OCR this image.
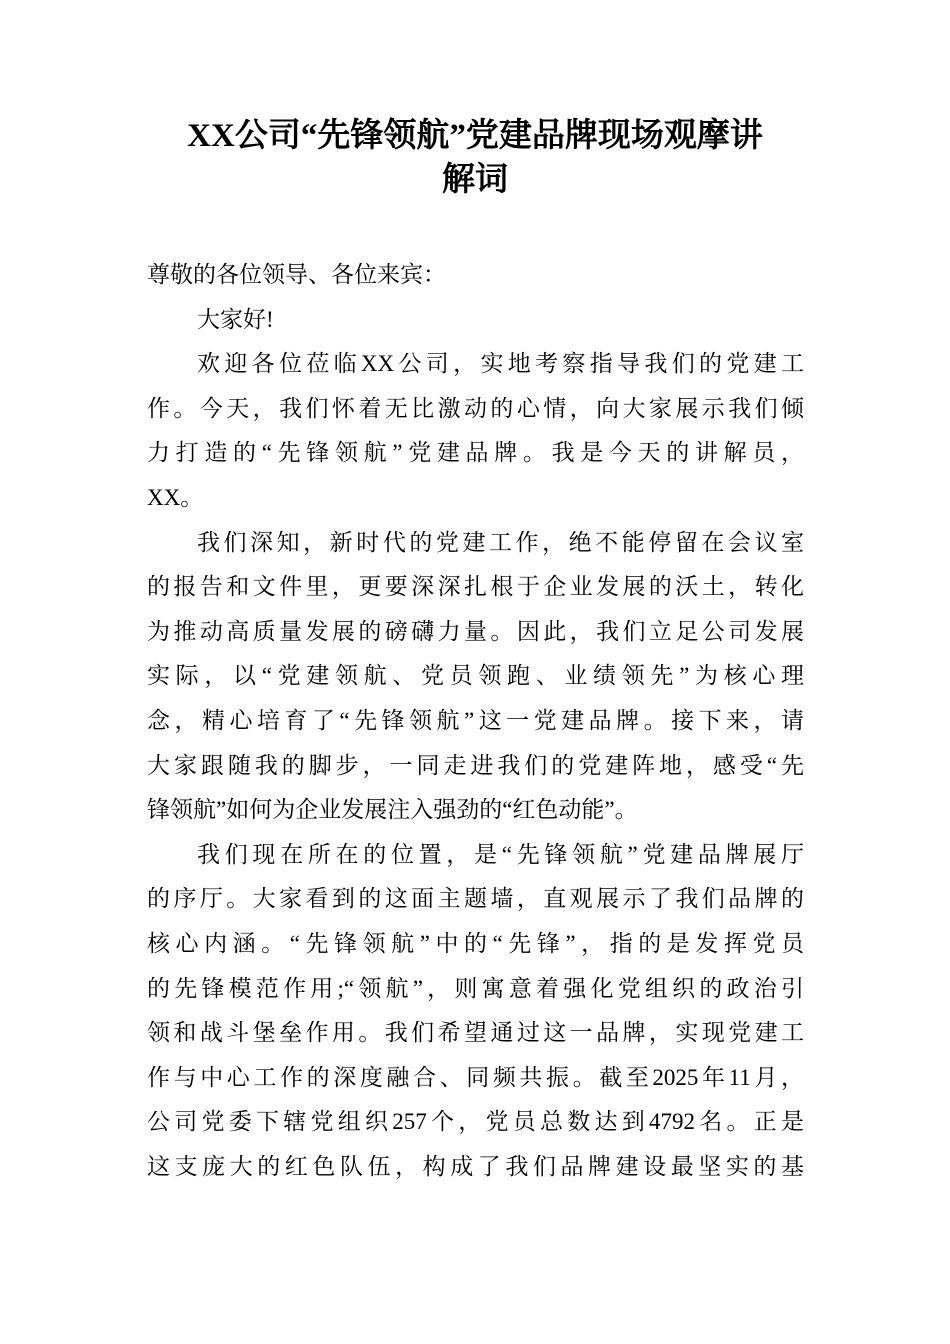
XX公司“先锋领航”党建品牌现场观摩讲
解词
尊敬的各位领导、各位来宾：
大家好!
欢迎各位莅临XX公司，实地考察指导我们的党建工
作。今天，我们怀着无比激动的心情，向大家展示我们倾
力打造的“先锋领航”党建品牌。我是今天的讲解员，
XX。
我们深知，新时代的党建工作，绝不能停留在会议室
的报告和文件里，更要深深扎根于企业发展的沃土，转化
为推动高质量发展的磅礴力量。因此，我们立足公司发展
实际，以“党建领航、党员领跑、业绩领先”为核心理
念，精心培育了“先锋领航”这一党建品牌。接下来，请
大家跟随我的脚步，一同走进我们的党建阵地，感受“先
锋领航”如何为企业发展注入强劲的“红色动能”。
我们现在所在的位置，是“先锋领航”党建品牌展厅
的序厅。大家看到的这面主题墙，直观展示了我们品牌的
核心内涵。“先锋领航”中的“先锋”，指的是发挥党员
的先锋模范作用;“领航”，则寓意着强化党组织的政治引
领和战斗堡垒作用。我们希望通过这一品牌，实现党建工
作与中心工作的深度融合、同频共振。截至2025年11月，
公司党委下辖党组织257个，党员总数达到4792名。正是
这支庞大的红色队伍，构成了我们品牌建设最坚实的基
